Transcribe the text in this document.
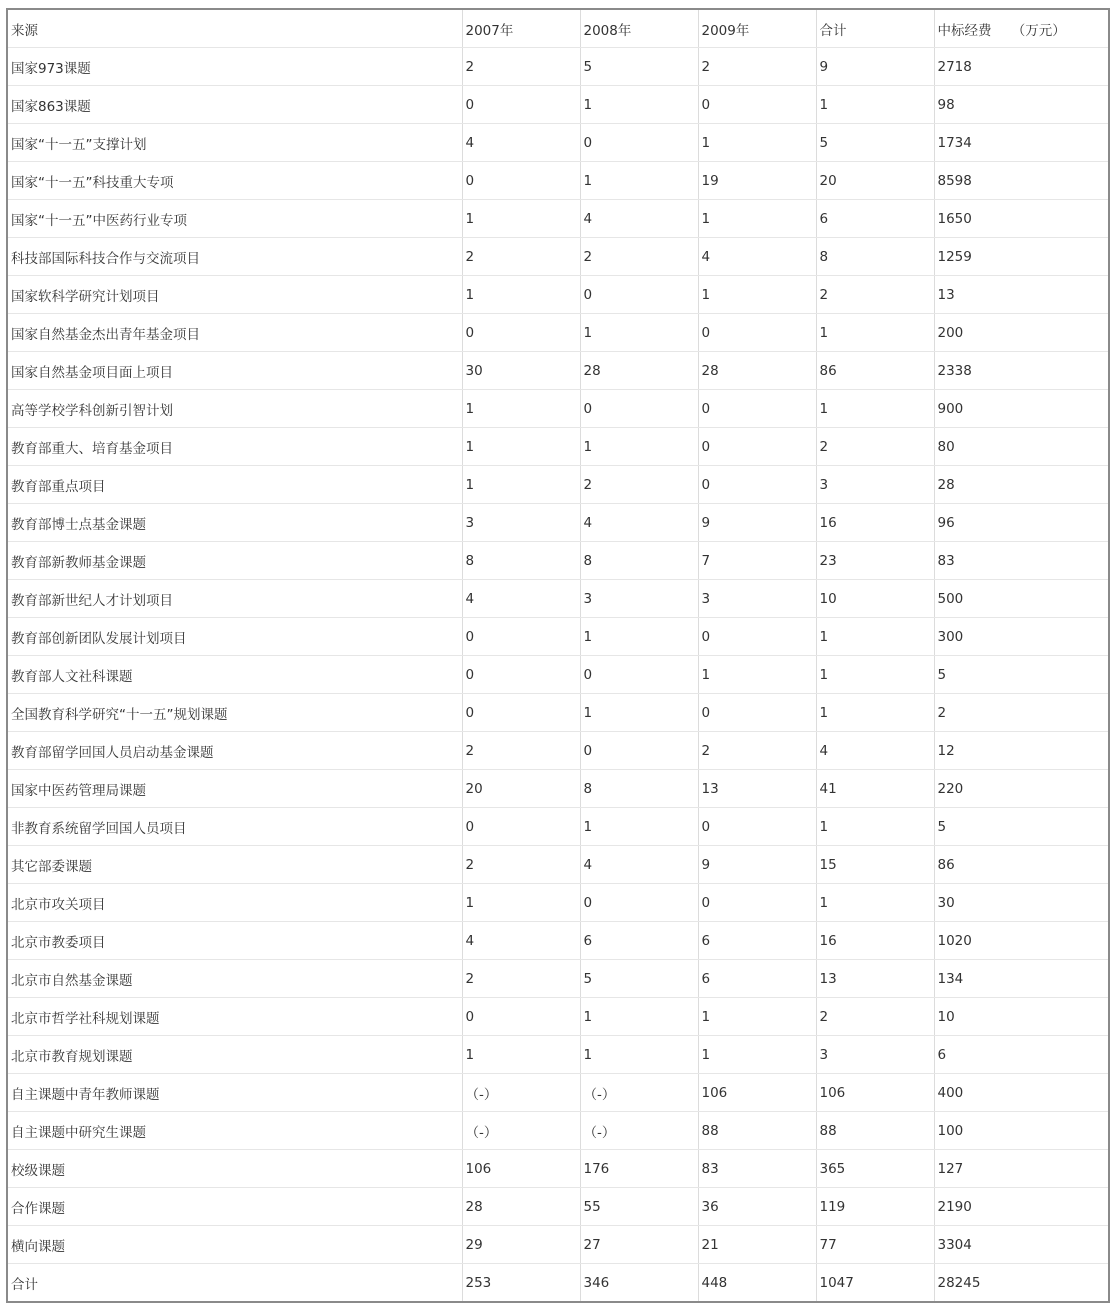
来源	2007年	2008年	2009年	合计	中标经费　　（万元）
国家973课题	2	5	2	9	2718
国家863课题	0	1	0	1	98
国家“十一五”支撑计划	4	0	1	5	1734
国家“十一五”科技重大专项	0	1	19	20	8598
国家“十一五”中医药行业专项	1	4	1	6	1650
科技部国际科技合作与交流项目	2	2	4	8	1259
国家软科学研究计划项目	1	0	1	2	13
国家自然基金杰出青年基金项目	0	1	0	1	200
国家自然基金项目面上项目	30	28	28	86	2338
高等学校学科创新引智计划	1	0	0	1	900
教育部重大、培育基金项目	1	1	0	2	80
教育部重点项目	1	2	0	3	28
教育部博士点基金课题	3	4	9	16	96
教育部新教师基金课题	8	8	7	23	83
教育部新世纪人才计划项目	4	3	3	10	500
教育部创新团队发展计划项目	0	1	0	1	300
教育部人文社科课题	0	0	1	1	5
全国教育科学研究“十一五”规划课题	0	1	0	1	2
教育部留学回国人员启动基金课题	2	0	2	4	12
国家中医药管理局课题	20	8	13	41	220
非教育系统留学回国人员项目	0	1	0	1	5
其它部委课题	2	4	9	15	86
北京市攻关项目	1	0	0	1	30
北京市教委项目	4	6	6	16	1020
北京市自然基金课题	2	5	6	13	134
北京市哲学社科规划课题	0	1	1	2	10
北京市教育规划课题	1	1	1	3	6
自主课题中青年教师课题	（-）	（-）	106	106	400
自主课题中研究生课题	（-）	（-）	88	88	100
校级课题	106	176	83	365	127
合作课题	28	55	36	119	2190
横向课题	29	27	21	77	3304
合计	253	346	448	1047	28245
